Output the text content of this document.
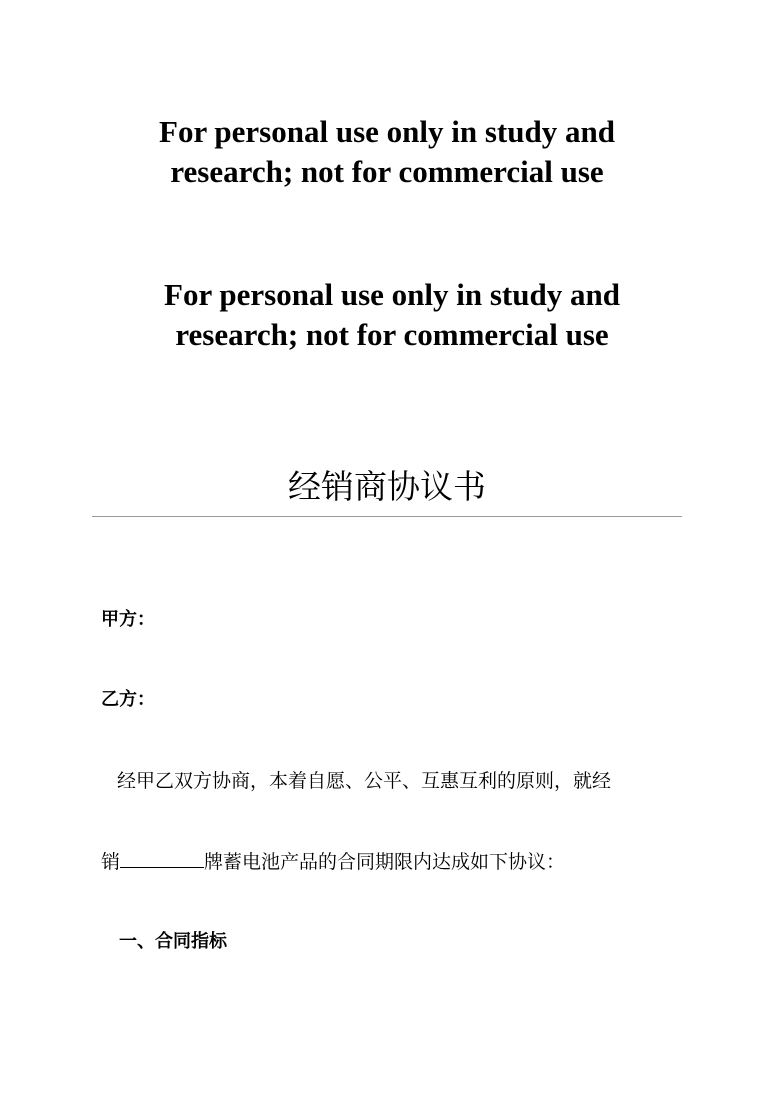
For personal use only in study and
research; not for commercial use
For personal use only in study and
research; not for commercial use
经销商协议书
甲方：
乙方：
经甲乙双方协商，本着自愿、公平、互惠互利的原则，就经
销	牌蓄电池产品的合同期限内达成如下协议：
一、合同指标
